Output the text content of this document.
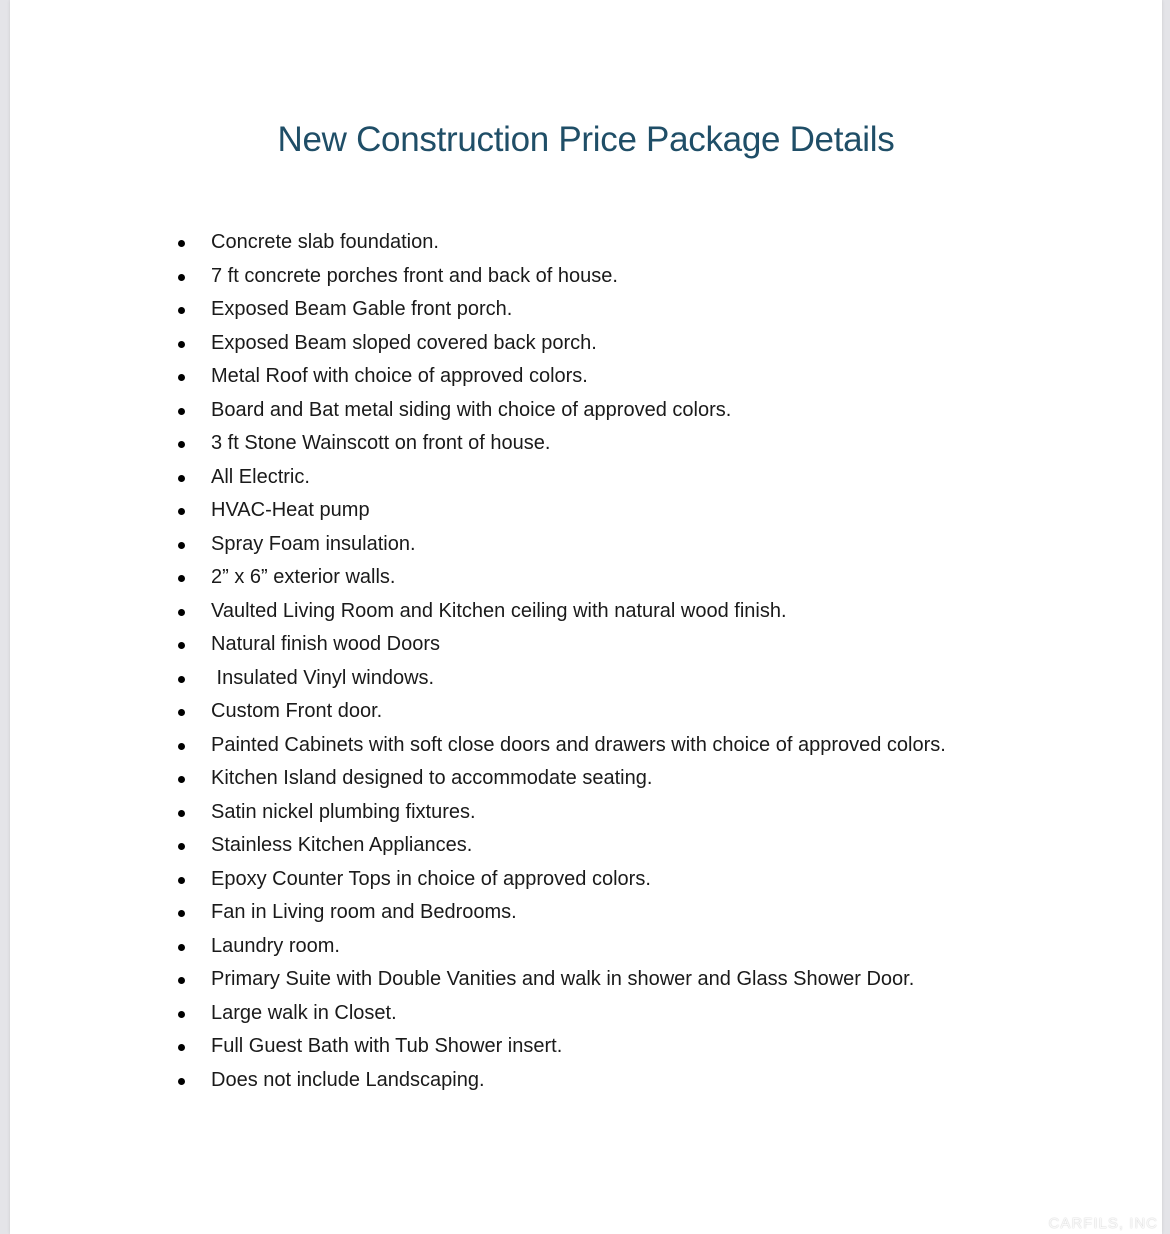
New Construction Price Package Details
Concrete slab foundation.
7 ft concrete porches front and back of house.
Exposed Beam Gable front porch.
Exposed Beam sloped covered back porch.
Metal Roof with choice of approved colors.
Board and Bat metal siding with choice of approved colors.
3 ft Stone Wainscott on front of house.
All Electric.
HVAC-Heat pump
Spray Foam insulation.
2” x 6” exterior walls.
Vaulted Living Room and Kitchen ceiling with natural wood finish.
Natural finish wood Doors
Insulated Vinyl windows.
Custom Front door.
Painted Cabinets with soft close doors and drawers with choice of approved colors.
Kitchen Island designed to accommodate seating.
Satin nickel plumbing fixtures.
Stainless Kitchen Appliances.
Epoxy Counter Tops in choice of approved colors.
Fan in Living room and Bedrooms.
Laundry room.
Primary Suite with Double Vanities and walk in shower and Glass Shower Door.
Large walk in Closet.
Full Guest Bath with Tub Shower insert.
Does not include Landscaping.
CARFILS, INC
